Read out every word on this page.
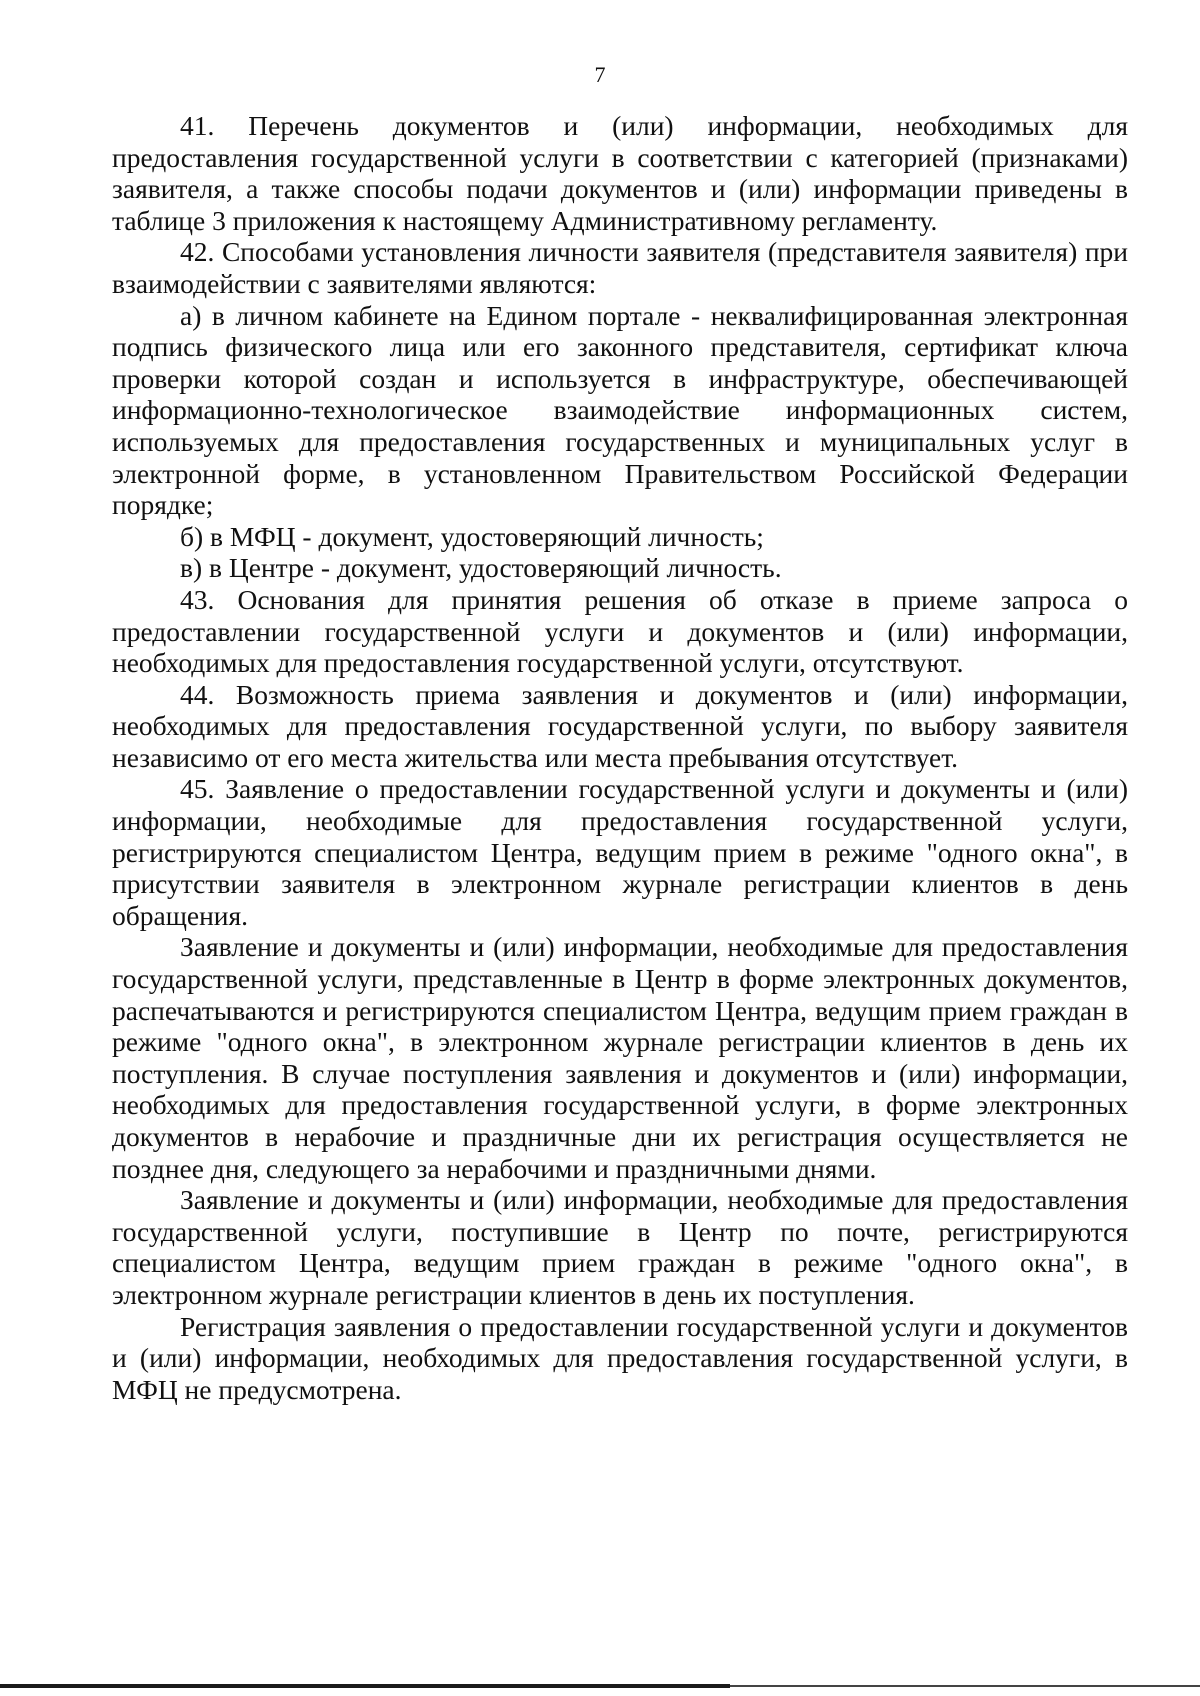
7

41. Перечень документов и (или) информации, необходимых для предоставления государственной услуги в соответствии с категорией (признаками) заявителя, а также способы подачи документов и (или) информации приведены в таблице 3 приложения к настоящему Административному регламенту.

42. Способами установления личности заявителя (представителя заявителя) при взаимодействии с заявителями являются:

а) в личном кабинете на Едином портале - неквалифицированная электронная подпись физического лица или его законного представителя, сертификат ключа проверки которой создан и используется в инфраструктуре, обеспечивающей информационно-технологическое взаимодействие информационных систем, используемых для предоставления государственных и муниципальных услуг в электронной форме, в установленном Правительством Российской Федерации порядке;

б) в МФЦ - документ, удостоверяющий личность;

в) в Центре - документ, удостоверяющий личность.

43. Основания для принятия решения об отказе в приеме запроса о предоставлении государственной услуги и документов и (или) информации, необходимых для предоставления государственной услуги, отсутствуют.

44. Возможность приема заявления и документов и (или) информации, необходимых для предоставления государственной услуги, по выбору заявителя независимо от его места жительства или места пребывания отсутствует.

45. Заявление о предоставлении государственной услуги и документы и (или) информации, необходимые для предоставления государственной услуги, регистрируются специалистом Центра, ведущим прием в режиме "одного окна", в присутствии заявителя в электронном журнале регистрации клиентов в день обращения.

Заявление и документы и (или) информации, необходимые для предоставления государственной услуги, представленные в Центр в форме электронных документов, распечатываются и регистрируются специалистом Центра, ведущим прием граждан в режиме "одного окна", в электронном журнале регистрации клиентов в день их поступления. В случае поступления заявления и документов и (или) информации, необходимых для предоставления государственной услуги, в форме электронных документов в нерабочие и праздничные дни их регистрация осуществляется не позднее дня, следующего за нерабочими и праздничными днями.

Заявление и документы и (или) информации, необходимые для предоставления государственной услуги, поступившие в Центр по почте, регистрируются специалистом Центра, ведущим прием граждан в режиме "одного окна", в электронном журнале регистрации клиентов в день их поступления.

Регистрация заявления о предоставлении государственной услуги и документов и (или) информации, необходимых для предоставления государственной услуги, в МФЦ не предусмотрена.
